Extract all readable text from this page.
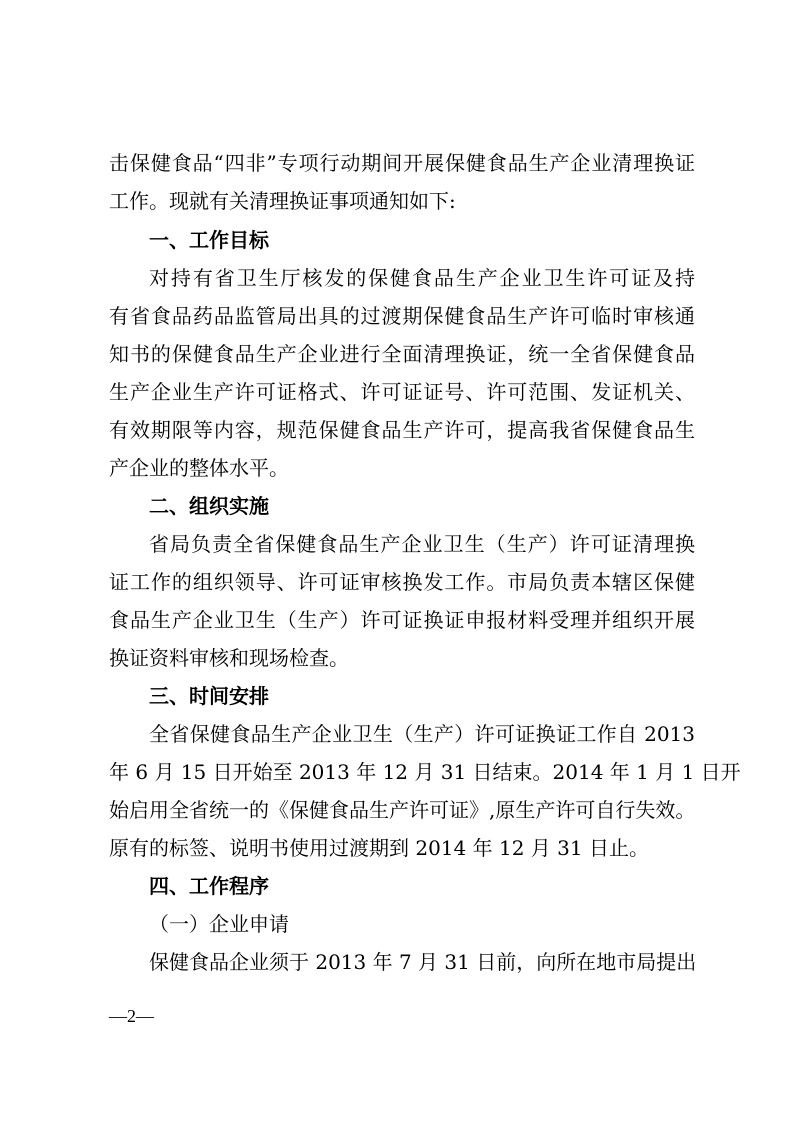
击保健食品“四非”专项行动期间开展保健食品生产企业清理换证
工作。现就有关清理换证事项通知如下:
一、工作目标
对持有省卫生厅核发的保健食品生产企业卫生许可证及持
有省食品药品监管局出具的过渡期保健食品生产许可临时审核通
知书的保健食品生产企业进行全面清理换证，统一全省保健食品
生产企业生产许可证格式、许可证证号、许可范围、发证机关、
有效期限等内容，规范保健食品生产许可，提高我省保健食品生
产企业的整体水平。
二、组织实施
省局负责全省保健食品生产企业卫生（生产）许可证清理换
证工作的组织领导、许可证审核换发工作。市局负责本辖区保健
食品生产企业卫生（生产）许可证换证申报材料受理并组织开展
换证资料审核和现场检查。
三、时间安排
全省保健食品生产企业卫生（生产）许可证换证工作自 2013
年 6 月 15 日开始至 2013 年 12 月 31 日结束。2014 年 1 月 1 日开
始启用全省统一的《保健食品生产许可证》,原生产许可自行失效。
原有的标签、说明书使用过渡期到 2014 年 12 月 31 日止。
四、工作程序
（一）企业申请
保健食品企业须于 2013 年 7 月 31 日前，向所在地市局提出
—2—
